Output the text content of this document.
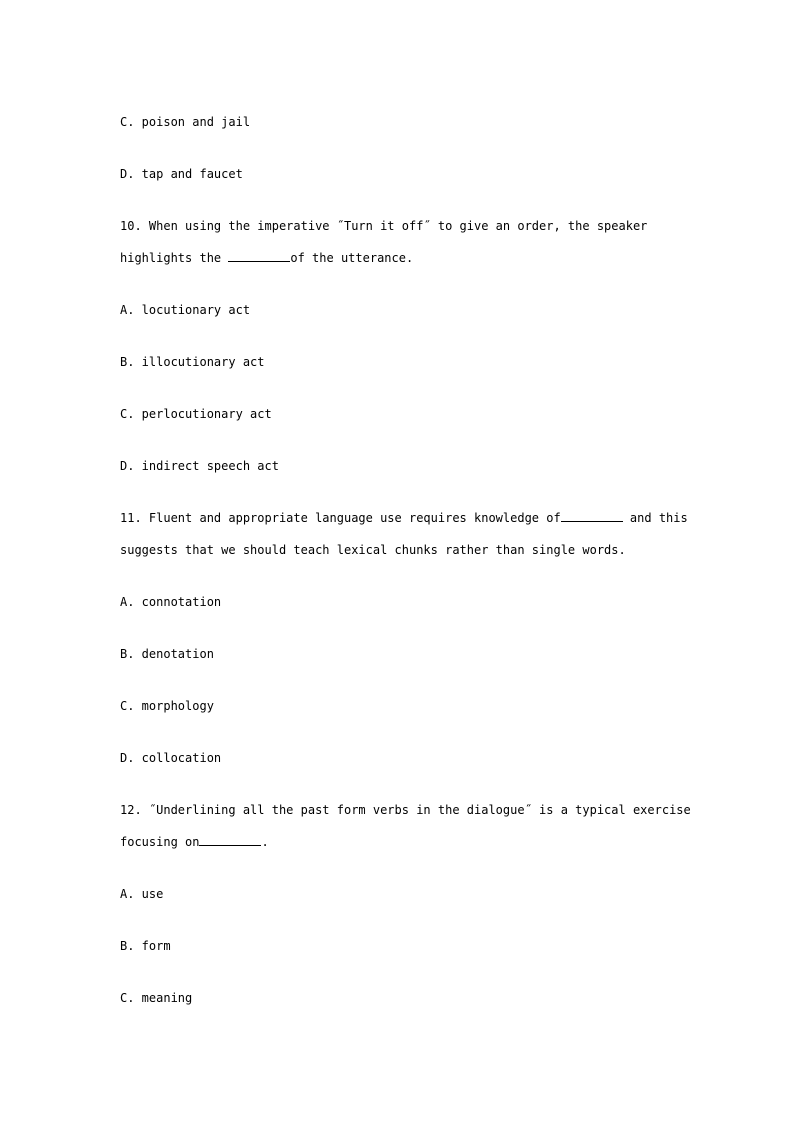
C. poison and jail
D. tap and faucet
10. When using the imperative ˝Turn it off˝ to give an order, the speaker
highlights the	of the utterance.
A. locutionary act
B. illocutionary act
C. perlocutionary act
D. indirect speech act
11. Fluent and appropriate language use requires knowledge of	and this
suggests that we should teach lexical chunks rather than single words.
A. connotation
B. denotation
C. morphology
D. collocation
12. ˝Underlining all the past form verbs in the dialogue˝ is a typical exercise
focusing on	.
A. use
B. form
C. meaning
